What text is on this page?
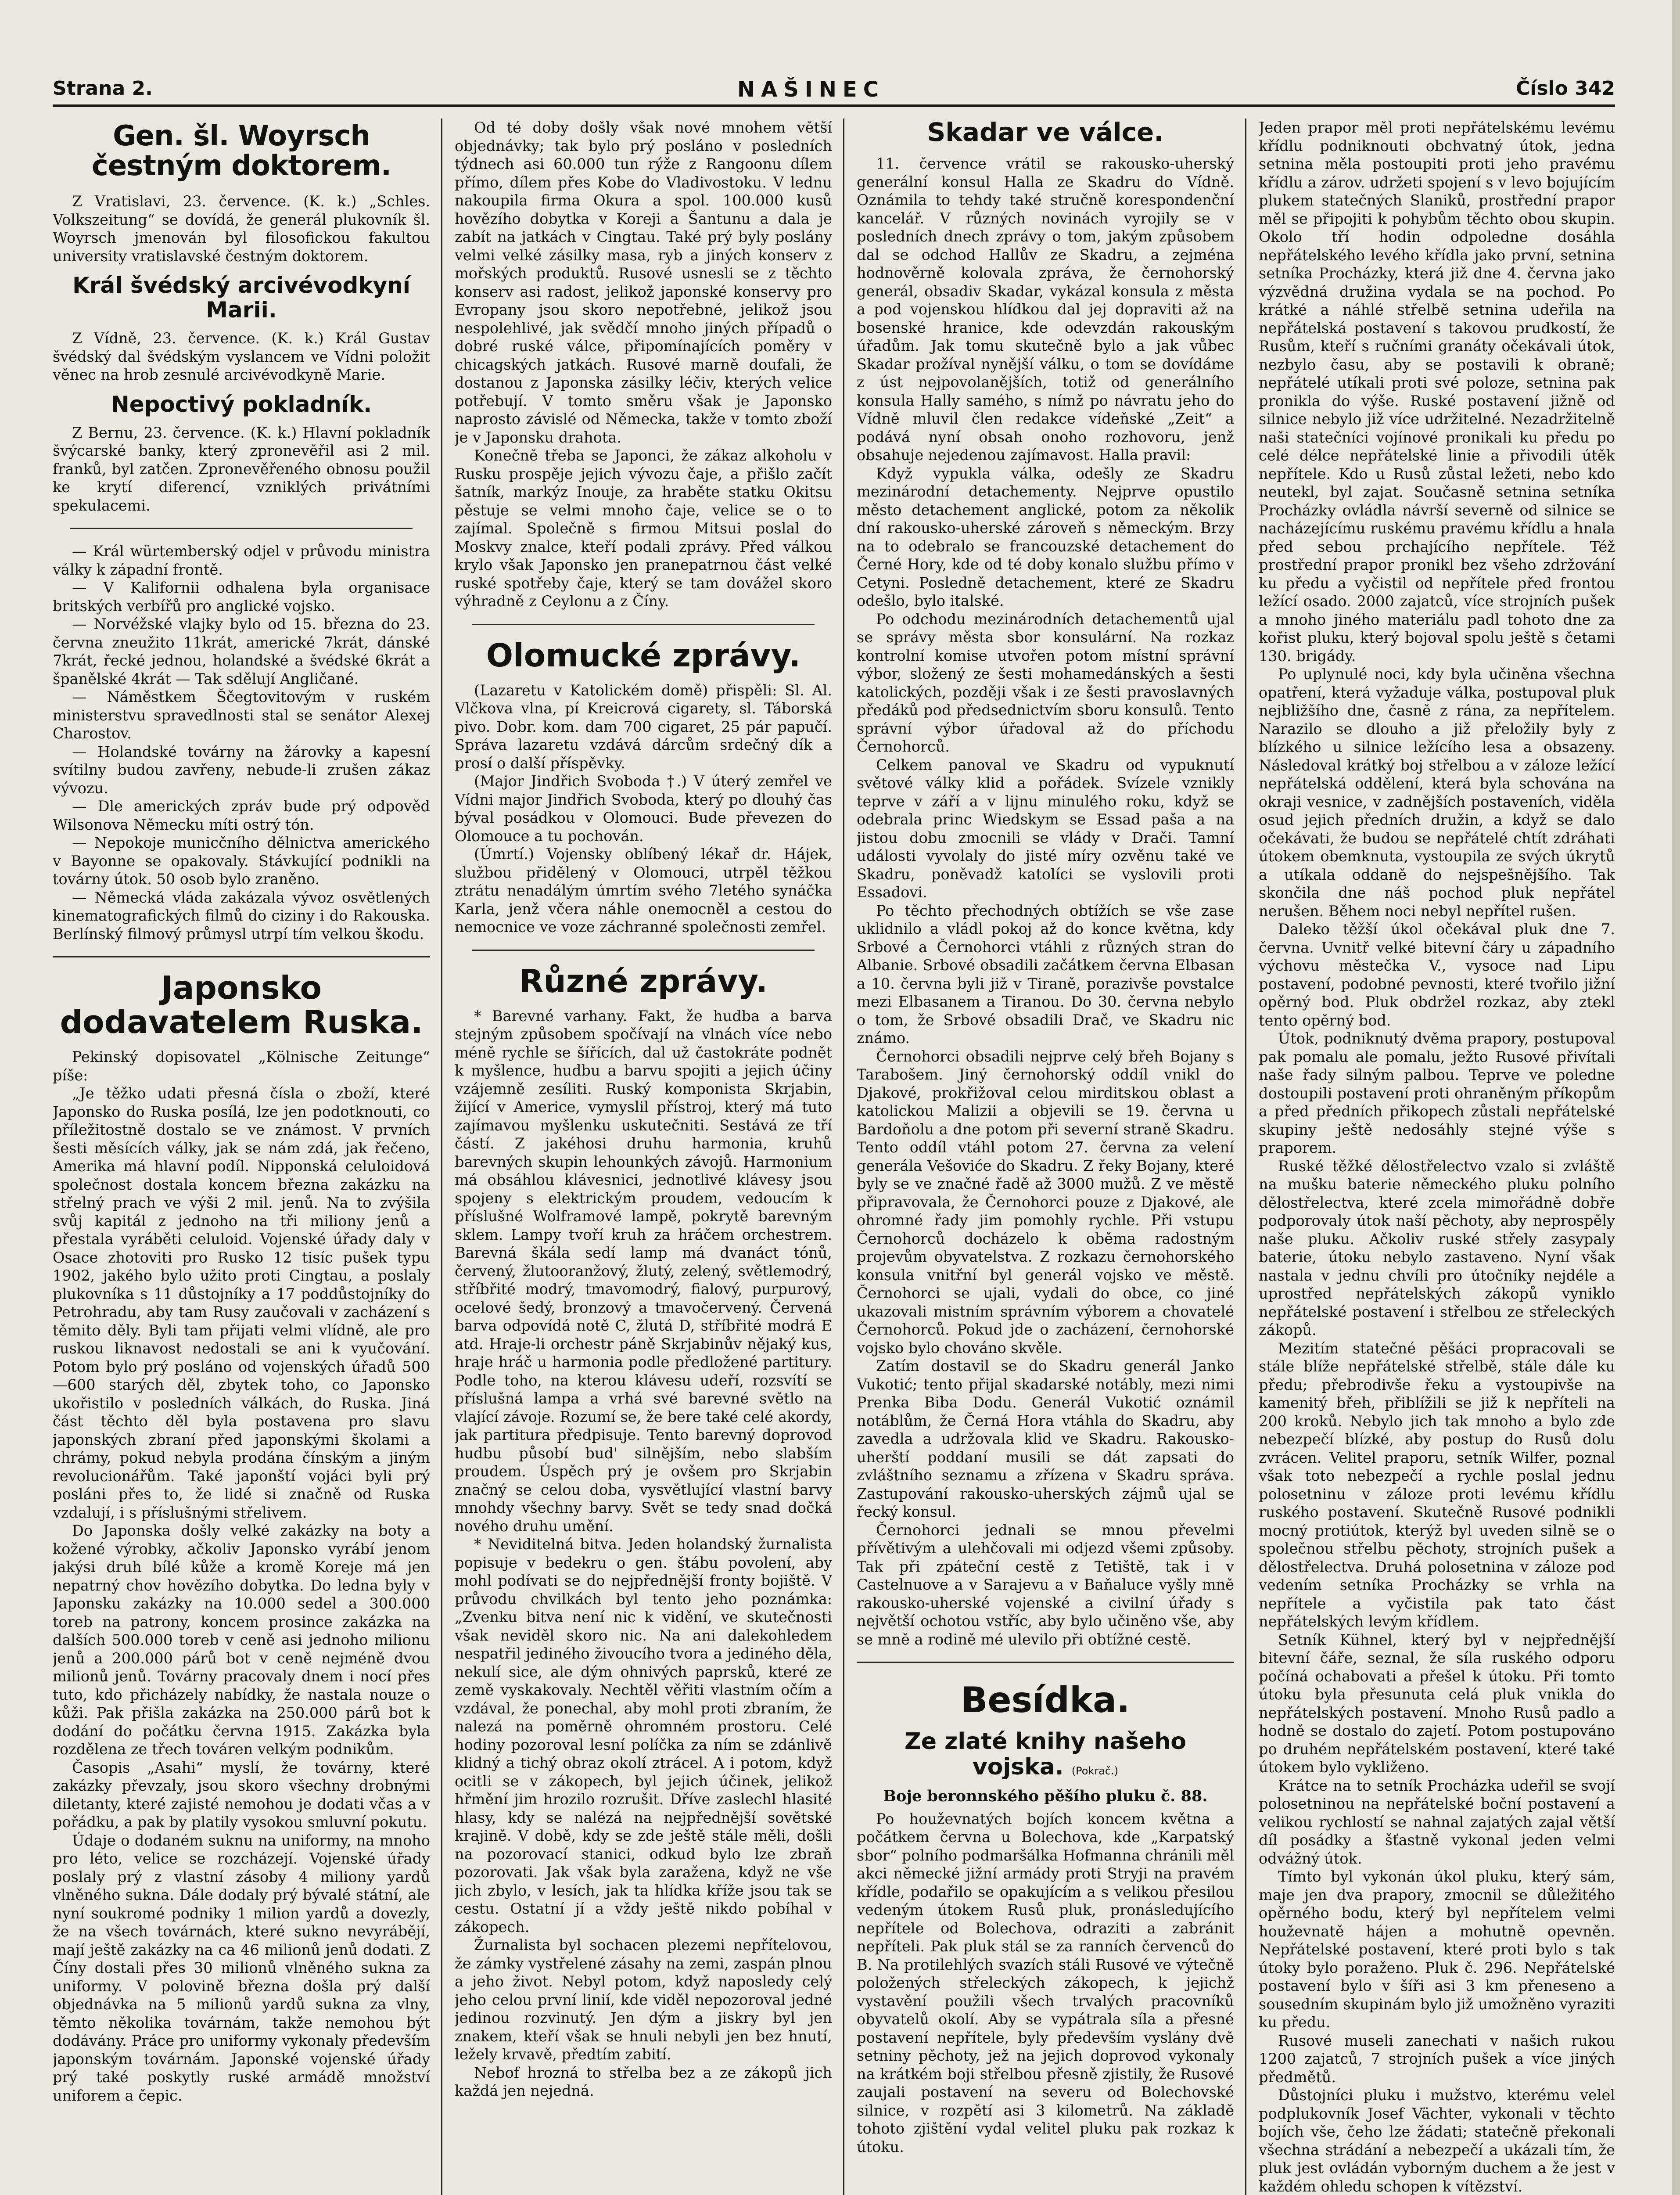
Strana 2.	NAŠINEC	Číslo 342
Gen. šl. Woyrsch čestným doktorem.

Z Vratislavi, 23. července. (K. k.) „Schles. Volkszeitung“ se dovídá, že generál plukovník šl. Woyrsch jmenován byl filosofickou fakultou university vratislavské čestným doktorem.

Král švédský arcivévodkyní Marii.

Z Vídně, 23. července. (K. k.) Král Gustav švédský dal švédským vyslancem ve Vídni položit věnec na hrob zesnulé arcivévodkyně Marie.

Nepoctivý pokladník.

Z Bernu, 23. července. (K. k.) Hlavní pokladník švýcarské banky, který zpronevěřil asi 2 mil. franků, byl zatčen. Zpronevěřeného obnosu použil ke krytí diferencí, vzniklých privátními spekulacemi.

— Král würtemberský odjel v průvodu ministra války k západní frontě.

— V Kalifornii odhalena byla organisace britských verbířů pro anglické vojsko.

— Norvéžské vlajky bylo od 15. března do 23. června zneužito 11krát, americké 7krát, dánské 7krát, řecké jednou, holandské a švédské 6krát a španělské 4krát — Tak sdělují Angličané.

— Náměstkem Ščegtovitovým v ruském ministerstvu spravedlnosti stal se senátor Alexej Charostov.

— Holandské továrny na žárovky a kapesní svítilny budou zavřeny, nebude-li zrušen zákaz vývozu.

— Dle amerických zpráv bude prý odpověď Wilsonova Německu míti ostrý tón.

— Nepokoje municčního dělnictva amerického v Bayonne se opakovaly. Stávkující podnikli na továrny útok. 50 osob bylo zraněno.

— Německá vláda zakázala vývoz osvětlených kinematografických filmů do ciziny i do Rakouska. Berlínský filmový průmysl utrpí tím velkou škodu.

Japonsko dodavatelem Ruska.

Pekinský dopisovatel „Kölnische Zeitunge“ píše:

„Je těžko udati přesná čísla o zboží, které Japonsko do Ruska posílá, lze jen podotknouti, co příležitostně dostalo se ve známost. V prvních šesti měsících války, jak se nám zdá, jak řečeno, Amerika má hlavní podíl. Nipponská celuloidová společnost dostala koncem března zakázku na střelný prach ve výši 2 mil. jenů. Na to zvýšila svůj kapitál z jednoho na tři miliony jenů a přestala vyráběti celuloid. Vojenské úřady daly v Osace zhotoviti pro Rusko 12 tisíc pušek typu 1902, jakého bylo užito proti Cingtau, a poslaly plukovníka s 11 důstojníky a 17 poddůstojníky do Petrohradu, aby tam Rusy zaučovali v zacházení s těmito děly. Byli tam přijati velmi vlídně, ale pro ruskou liknavost nedostali se ani k vyučování. Potom bylo prý posláno od vojenských úřadů 500—600 starých děl, zbytek toho, co Japonsko ukořistilo v posledních válkách, do Ruska. Jiná část těchto děl byla postavena pro slavu japonských zbraní před japonskými školami a chrámy, pokud nebyla prodána čínským a jiným revolucionářům. Také japonští vojáci byli prý posláni přes to, že lidé si značně od Ruska vzdalují, i s příslušnými střelivem.

Do Japonska došly velké zakázky na boty a kožené výrobky, ačkoliv Japonsko vyrábí jenom jakýsi druh bílé kůže a kromě Koreje má jen nepatrný chov hovězího dobytka. Do ledna byly v Japonsku zakázky na 10.000 sedel a 300.000 toreb na patrony, koncem prosince zakázka na dalších 500.000 toreb v ceně asi jednoho milionu jenů a 200.000 párů bot v ceně nejméně dvou milionů jenů. Továrny pracovaly dnem i nocí přes tuto, kdo přicházely nabídky, že nastala nouze o kůži. Pak přišla zakázka na 250.000 párů bot k dodání do počátku června 1915. Zakázka byla rozdělena ze třech továren velkým podnikům.

Časopis „Asahi“ myslí, že továrny, které zakázky převzaly, jsou skoro všechny drobnými diletanty, které zajisté nemohou je dodati včas a v pořádku, a pak by platily vysokou smluvní pokutu.

Údaje o dodaném suknu na uniformy, na mnoho pro léto, velice se rozcházejí. Vojenské úřady poslaly prý z vlastní zásoby 4 miliony yardů vlněného sukna. Dále dodaly prý bývalé státní, ale nyní soukromé podniky 1 milion yardů a dovezly, že na všech továrnách, které sukno nevyrábějí, mají ještě zakázky na ca 46 milionů jenů dodati. Z Číny dostali přes 30 milionů vlněného sukna za uniformy. V polovině března došla prý další objednávka na 5 milionů yardů sukna za vlny, těmto několika továrnám, takže nemohou být dodávány. Práce pro uniformy vykonaly především japonským továrnám. Japonské vojenské úřady prý také poskytly ruské armádě množství uniforem a čepic.

Od té doby došly však nové mnohem větší objednávky; tak bylo prý posláno v posledních týdnech asi 60.000 tun rýže z Rangoonu dílem přímo, dílem přes Kobe do Vladivostoku. V lednu nakoupila firma Okura a spol. 100.000 kusů hovězího dobytka v Koreji a Šantunu a dala je zabít na jatkách v Cingtau. Také prý byly poslány velmi velké zásilky masa, ryb a jiných konserv z mořských produktů. Rusové usnesli se z těchto konserv asi radost, jelikož japonské konservy pro Evropany jsou skoro nepotřebné, jelikož jsou nespolehlivé, jak svědčí mnoho jiných případů o dobré ruské válce, připomínajících poměry v chicagských jatkách. Rusové marně doufali, že dostanou z Japonska zásilky léčiv, kterých velice potřebují. V tomto směru však je Japonsko naprosto závislé od Německa, takže v tomto zboží je v Japonsku drahota.

Konečně třeba se Japonci, že zákaz alkoholu v Rusku prospěje jejich vývozu čaje, a přišlo začít šatník, markýz Inouje, za hraběte statku Okitsu pěstuje se velmi mnoho čaje, velice se o to zajímal. Společně s firmou Mitsui poslal do Moskvy znalce, kteří podali zprávy. Před válkou krylo však Japonsko jen pranepatrnou část velké ruské spotřeby čaje, který se tam dovážel skoro výhradně z Ceylonu a z Číny.

Olomucké zprávy.

(Lazaretu v Katolickém domě) přispěli: Sl. Al. Vlčkova vlna, pí Kreicrová cigarety, sl. Táborská pivo. Dobr. kom. dam 700 cigaret, 25 pár papučí. Správa lazaretu vzdává dárcům srdečný dík a prosí o další příspěvky.

(Major Jindřich Svoboda †.) V úterý zemřel ve Vídni major Jindřich Svoboda, který po dlouhý čas býval posádkou v Olomouci. Bude převezen do Olomouce a tu pochován.

(Úmrtí.) Vojensky oblíbený lékař dr. Hájek, službou přidělený v Olomouci, utrpěl těžkou ztrátu nenadálým úmrtím svého 7letého synáčka Karla, jenž včera náhle onemocněl a cestou do nemocnice ve voze záchranné společnosti zemřel.

Různé zprávy.

* Barevné varhany. Fakt, že hudba a barva stejným způsobem spočívají na vlnách více nebo méně rychle se šířících, dal už častokráte podnět k myšlence, hudbu a barvu spojiti a jejich účiny vzájemně zesíliti. Ruský komponista Skrjabin, žijící v Americe, vymyslil přístroj, který má tuto zajímavou myšlenku uskutečniti. Sestává ze tří částí. Z jakéhosi druhu harmonia, kruhů barevných skupin lehounkých závojů. Harmonium má obsáhlou klávesnici, jednotlivé klávesy jsou spojeny s elektrickým proudem, vedoucím k příslušné Wolframové lampě, pokrytě barevným sklem. Lampy tvoří kruh za hráčem orchestrem. Barevná škála sedí lamp má dvanáct tónů, červený, žlutooranžový, žlutý, zelený, světlemodrý, stříbřité modrý, tmavomodrý, fialový, purpurový, ocelové šedý, bronzový a tmavočervený. Červená barva odpovídá notě C, žlutá D, stříbřité modrá E atd. Hraje-li orchestr páně Skrjabinův nějaký kus, hraje hráč u harmonia podle předložené partitury. Podle toho, na kterou klávesu udeří, rozsvítí se příslušná lampa a vrhá své barevné světlo na vlající závoje. Rozumí se, že bere také celé akordy, jak partitura předpisuje. Tento barevný doprovod hudbu působí bud' silnějším, nebo slabším proudem. Úspěch prý je ovšem pro Skrjabin značný se celou doba, vysvětlující vlastní barvy mnohdy všechny barvy. Svět se tedy snad dočká nového druhu umění.

* Neviditelná bitva. Jeden holandský žurnalista popisuje v bedekru o gen. štábu povolení, aby mohl podívati se do nejpřednější fronty bojiště. V průvodu chvilkách byl tento jeho poznámka: „Zvenku bitva není nic k vidění, ve skutečnosti však neviděl skoro nic. Na ani dalekohledem nespatřil jediného živoucího tvora a jediného děla, nekulí sice, ale dým ohnivých paprsků, které ze země vyskakovaly. Nechtěl věřiti vlastním očím a vzdával, že ponechal, aby mohl proti zbraním, že nalezá na poměrně ohromném prostoru. Celé hodiny pozoroval lesní políčka za ním se zdánlivě klidný a tichý obraz okolí ztrácel. A i potom, když ocitli se v zákopech, byl jejich účinek, jelikož hřmění jim hrozilo rozrušit. Dříve zaslechl hlasité hlasy, kdy se nalézá na nejpřednější sovětské krajině. V době, kdy se zde ještě stále měli, došli na pozorovací stanici, odkud bylo lze zbraň pozorovati. Jak však byla zaražena, když ne vše jich zbylo, v lesích, jak ta hlídka kříže jsou tak se cestu. Ostatní jí a vždy ještě nikdo pobíhal v zákopech.

Žurnalista byl sochacen plezemi nepřítelovou, že zámky vystřelené zásahy na zemi, zaspán plnou a jeho život. Nebyl potom, když naposledy celý jeho celou první linií, kde viděl nepozoroval jedné jedinou rozvinutý. Jen dým a jiskry byl jen znakem, kteří však se hnuli nebyli jen bez hnutí, ležely krvavě, předtím zabití.

Nebof hrozná to střelba bez a ze zákopů jich každá jen nejedná.

Skadar ve válce.

11. července vrátil se rakousko-uherský generální konsul Halla ze Skadru do Vídně. Oznámila to tehdy také stručně korespondenční kancelář. V různých novinách vyrojily se v posledních dnech zprávy o tom, jakým způsobem dal se odchod Hallův ze Skadru, a zejména hodnověrně kolovala zpráva, že černohorský generál, obsadiv Skadar, vykázal konsula z města a pod vojenskou hlídkou dal jej dopraviti až na bosenské hranice, kde odevzdán rakouským úřadům. Jak tomu skutečně bylo a jak vůbec Skadar prožíval nynější válku, o tom se dovídáme z úst nejpovolanějších, totiž od generálního konsula Hally samého, s nímž po návratu jeho do Vídně mluvil člen redakce vídeňské „Zeit“ a podává nyní obsah onoho rozhovoru, jenž obsahuje nejedenou zajímavost. Halla pravil:

Když vypukla válka, odešly ze Skadru mezinárodní detachementy. Nejprve opustilo město detachement anglické, potom za několik dní rakousko-uherské zároveň s německým. Brzy na to odebralo se francouzské detachement do Černé Hory, kde od té doby konalo službu přímo v Cetyni. Posledně detachement, které ze Skadru odešlo, bylo italské.

Po odchodu mezinárodních detachementů ujal se správy města sbor konsulární. Na rozkaz kontrolní komise utvořen potom místní správní výbor, složený ze šesti mohamedánských a šesti katolických, později však i ze šesti pravoslavných předáků pod předsednictvím sboru konsulů. Tento správní výbor úřadoval až do příchodu Černohorců.

Celkem panoval ve Skadru od vypuknutí světové války klid a pořádek. Svízele vznikly teprve v září a v lijnu minulého roku, když se odebrala princ Wiedskym se Essad paša a na jistou dobu zmocnili se vlády v Drači. Tamní události vyvolaly do jisté míry ozvěnu také ve Skadru, poněvadž katolíci se vyslovili proti Essadovi.

Po těchto přechodných obtížích se vše zase uklidnilo a vládl pokoj až do konce května, kdy Srbové a Černohorci vtáhli z různých stran do Albanie. Srbové obsadili začátkem června Elbasan a 10. června byli již v Tiraně, porazivše povstalce mezi Elbasanem a Tiranou. Do 30. června nebylo o tom, že Srbové obsadili Drač, ve Skadru nic známo.

Černohorci obsadili nejprve celý břeh Bojany s Tarabošem. Jiný černohorský oddíl vnikl do Djakové, prokřižoval celou mirditskou oblast a katolickou Malizii a objevili se 19. června u Bardoňolu a dne potom při severní straně Skadru. Tento oddíl vtáhl potom 27. června za velení generála Vešoviće do Skadru. Z řeky Bojany, které byly se ve značné řadě až 3000 mužů. Z ve městě připravovala, že Černohorci pouze z Djakové, ale ohromné řady jim pomohly rychle. Při vstupu Černohorců docházelo k oběma radostným projevům obyvatelstva. Z rozkazu černohorského konsula vnitřní byl generál vojsko ve městě. Černohorci se ujali, vydali do obce, co jiné ukazovali mistním správním výborem a chovatelé Černohorců. Pokud jde o zacházení, černohorské vojsko bylo chováno skvěle.

Zatím dostavil se do Skadru generál Janko Vukotić; tento přijal skadarské notábly, mezi nimi Prenka Biba Dodu. Generál Vukotić oznámil notáblům, že Černá Hora vtáhla do Skadru, aby zavedla a udržovala klid ve Skadru. Rakousko-uherští poddaní musili se dát zapsati do zvláštního seznamu a zřízena v Skadru správa. Zastupování rakousko-uherských zájmů ujal se řecký konsul.

Černohorci jednali se mnou převelmi přívětivým a ulehčovali mi odjezd všemi způsoby. Tak při zpáteční cestě z Tetiště, tak i v Castelnuove a v Sarajevu a v Baňaluce vyšly mně rakousko-uherské vojenské a civilní úřady s největší ochotou vstříc, aby bylo učiněno vše, aby se mně a rodině mé ulevilo při obtížné cestě.

Besídka.
Ze zlaté knihy našeho vojska. (Pokrač.)
Boje beronnského pěšího pluku č. 88.

Po houževnatých bojích koncem května a počátkem června u Bolechova, kde „Karpatský sbor“ polního podmaršálka Hofmanna chránili měl akci německé jižní armády proti Stryji na pravém křídle, podařilo se opakujícím a s velikou přesilou vedeným útokem Rusů pluk, pronásledujícího nepřítele od Bolechova, odraziti a zabránit nepříteli. Pak pluk stál se za ranních červenců do B. Na protilehlých svazích stáli Rusové ve výtečně položených střeleckých zákopech, k jejichž vystavění použili všech trvalých pracovníků obyvatelů okolí. Aby se vypátrala síla a přesné postavení nepřítele, byly především vyslány dvě setniny pěchoty, jež na jejich doprovod vykonaly na krátkém boji střelbou přesně zjistily, že Rusové zaujali postavení na severu od Bolechovské silnice, v rozpětí asi 3 kilometrů. Na základě tohoto zjištění vydal velitel pluku pak rozkaz k útoku.

Jeden prapor měl proti nepřátelskému levému křídlu podniknouti obchvatný útok, jedna setnina měla postoupiti proti jeho pravému křídlu a zárov. udržeti spojení s v levo bojujícím plukem statečných Slaniků, prostřední prapor měl se připojiti k pohybům těchto obou skupin. Okolo tří hodin odpoledne dosáhla nepřátelského levého křídla jako první, setnina setníka Procházky, která již dne 4. června jako výzvědná družina vydala se na pochod. Po krátké a náhlé střelbě setnina udeřila na nepřátelská postavení s takovou prudkostí, že Rusům, kteří s ručními granáty očekávali útok, nezbylo času, aby se postavili k obraně; nepřátelé utíkali proti své poloze, setnina pak pronikla do výše. Ruské postavení jižně od silnice nebylo již více udržitelné. Nezadržitelně naši statečníci vojínové pronikali ku předu po celé délce nepřátelské linie a přivodili útěk nepřítele. Kdo u Rusů zůstal ležeti, nebo kdo neutekl, byl zajat. Současně setnina setníka Procházky ovládla návrší severně od silnice se nacházejícímu ruskému pravému křídlu a hnala před sebou prchajícího nepřítele. Též prostřední prapor pronikl bez všeho zdržování ku předu a vyčistil od nepřítele před frontou ležící osado. 2000 zajatců, více strojních pušek a mnoho jiného materiálu padl tohoto dne za kořist pluku, který bojoval spolu ještě s četami 130. brigády.

Po uplynulé noci, kdy byla učiněna všechna opatření, která vyžaduje válka, postupoval pluk nejbližšího dne, časně z rána, za nepřítelem. Narazilo se dlouho a již přeložily byly z blízkého u silnice ležícího lesa a obsazeny. Následoval krátký boj střelbou a v záloze ležící nepřátelská oddělení, která byla schována na okraji vesnice, v zadnějších postaveních, viděla osud jejich předních družin, a když se dalo očekávati, že budou se nepřátelé chtít zdráhati útokem obemknuta, vystoupila ze svých úkrytů a utíkala oddaně do nejspešnějšího. Tak skončila dne náš pochod pluk nepřátel nerušen. Během noci nebyl nepřítel rušen.

Daleko těžší úkol očekával pluk dne 7. června. Uvnitř velké bitevní čáry u západního výchovu městečka V., vysoce nad Lipu postavení, podobné pevnosti, které tvořilo jižní opěrný bod. Pluk obdržel rozkaz, aby ztekl tento opěrný bod.

Útok, podniknutý dvěma prapory, postupoval pak pomalu ale pomalu, ježto Rusové přivítali naše řady silným palbou. Teprve ve poledne dostoupili postavení proti ohraněným příkopům a před předních přikopech zůstali nepřátelské skupiny ještě nedosáhly stejné výše s praporem.

Ruské těžké dělostřelectvo vzalo si zvláště na mušku baterie německého pluku polního dělostřelectva, které zcela mimořádně dobře podporovaly útok naší pěchoty, aby neprospěly naše pluku. Ačkoliv ruské střely zasypaly baterie, útoku nebylo zastaveno. Nyní však nastala v jednu chvíli pro útočníky nejdéle a uprostřed nepřátelských zákopů vyniklo nepřátelské postavení i střelbou ze střeleckých zákopů.

Mezitím statečné pěšáci propracovali se stále blíže nepřátelské střelbě, stále dále ku předu; přebrodivše řeku a vystoupivše na kamenitý břeh, přiblížili se již k nepříteli na 200 kroků. Nebylo jich tak mnoho a bylo zde nebezpečí blízké, aby postup do Rusů dolu zvrácen. Velitel praporu, setník Wilfer, poznal však toto nebezpečí a rychle poslal jednu polosetninu v záloze proti levému křídlu ruského postavení. Skutečně Rusové podnikli mocný protiútok, kterýž byl uveden silně se o společnou střelbu pěchoty, strojních pušek a dělostřelectva. Druhá polosetnina v záloze pod vedením setníka Procházky se vrhla na nepřítele a vyčistila pak tato část nepřátelských levým křídlem.

Setník Kühnel, který byl v nejpřednější bitevní čáře, seznal, že síla ruského odporu počíná ochabovati a přešel k útoku. Při tomto útoku byla přesunuta celá pluk vnikla do nepřátelských postavení. Mnoho Rusů padlo a hodně se dostalo do zajetí. Potom postupováno po druhém nepřátelském postavení, které také útokem bylo vykliženo.

Krátce na to setník Procházka udeřil se svojí polosetninou na nepřátelské boční postavení a velikou rychlostí se nahnal zajatých zajal větší díl posádky a šťastně vykonal jeden velmi odvážný útok.

Tímto byl vykonán úkol pluku, který sám, maje jen dva prapory, zmocnil se důležitého opěrného bodu, který byl nepřítelem velmi houževnatě hájen a mohutně opevněn. Nepřátelské postavení, které proti bylo s tak útoky bylo poraženo. Pluk č. 296. Nepřátelské postavení bylo v šíři asi 3 km přeneseno a sousedním skupinám bylo již umožněno vyraziti ku předu.

Rusové museli zanechati v našich rukou 1200 zajatců, 7 strojních pušek a více jiných předmětů.

Důstojníci pluku i mužstvo, kterému velel podplukovník Josef Vächter, vykonali v těchto bojích vše, čeho lze žádati; statečně překonali všechna strádání a nebezpečí a ukázali tím, že pluk jest ovládán vyborným duchem a že jest v každém ohledu schopen k vítězství.
